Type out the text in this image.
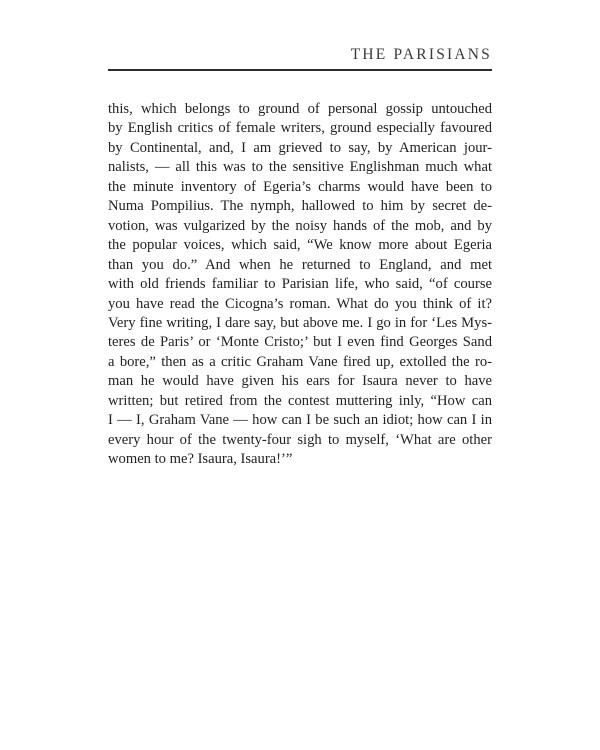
THE PARISIANS
this, which belongs to ground of personal gossip untouched
by English critics of female writers, ground especially favoured
by Continental, and, I am grieved to say, by American jour-
nalists, — all this was to the sensitive Englishman much what
the minute inventory of Egeria’s charms would have been to
Numa Pompilius. The nymph, hallowed to him by secret de-
votion, was vulgarized by the noisy hands of the mob, and by
the popular voices, which said, “We know more about Egeria
than you do.” And when he returned to England, and met
with old friends familiar to Parisian life, who said, “of course
you have read the Cicogna’s roman. What do you think of it?
Very fine writing, I dare say, but above me. I go in for ‘Les Mys-
teres de Paris’ or ‘Monte Cristo;’ but I even find Georges Sand
a bore,” then as a critic Graham Vane fired up, extolled the ro-
man he would have given his ears for Isaura never to have
written; but retired from the contest muttering inly, “How can
I — I, Graham Vane — how can I be such an idiot; how can I in
every hour of the twenty-four sigh to myself, ‘What are other
women to me? Isaura, Isaura!’”
